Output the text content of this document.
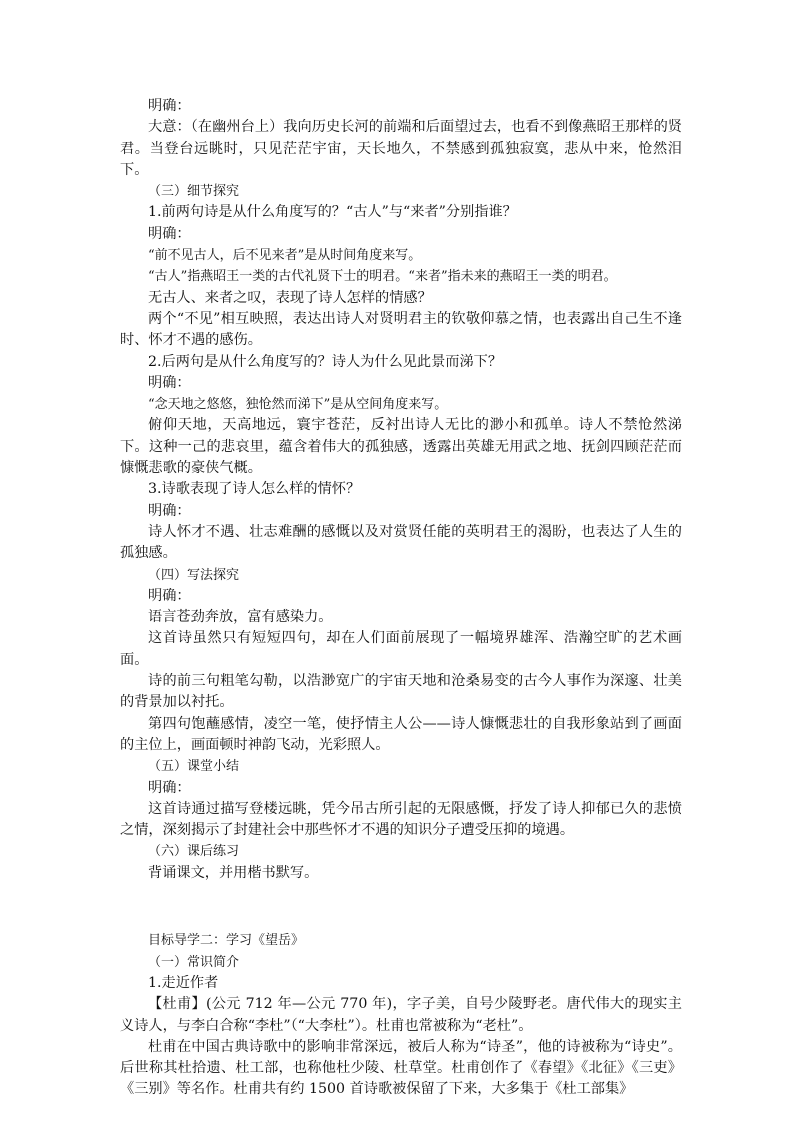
明确：

大意：（在幽州台上）我向历史长河的前端和后面望过去，也看不到像燕昭王那样的贤君。当登台远眺时，只见茫茫宇宙，天长地久，不禁感到孤独寂寞，悲从中来，怆然泪下。

（三）细节探究

1.前两句诗是从什么角度写的？“古人”与“来者”分别指谁？

明确：

“前不见古人，后不见来者”是从时间角度来写。

“古人”指燕昭王一类的古代礼贤下士的明君。“来者”指未来的燕昭王一类的明君。

无古人、来者之叹，表现了诗人怎样的情感？

两个“不见”相互映照，表达出诗人对贤明君主的钦敬仰慕之情，也表露出自己生不逢时、怀才不遇的感伤。

2.后两句是从什么角度写的？诗人为什么见此景而涕下？

明确：

“念天地之悠悠，独怆然而涕下”是从空间角度来写。

俯仰天地，天高地远，寰宇苍茫，反衬出诗人无比的渺小和孤单。诗人不禁怆然涕下。这种一己的悲哀里，蕴含着伟大的孤独感，透露出英雄无用武之地、抚剑四顾茫茫而慷慨悲歌的豪侠气概。

3.诗歌表现了诗人怎么样的情怀？

明确：

诗人怀才不遇、壮志难酬的感慨以及对赏贤任能的英明君王的渴盼，也表达了人生的孤独感。

（四）写法探究

明确：

语言苍劲奔放，富有感染力。

这首诗虽然只有短短四句，却在人们面前展现了一幅境界雄浑、浩瀚空旷的艺术画面。

诗的前三句粗笔勾勒，以浩渺宽广的宇宙天地和沧桑易变的古今人事作为深邃、壮美的背景加以衬托。

第四句饱蘸感情，凌空一笔，使抒情主人公——诗人慷慨悲壮的自我形象站到了画面的主位上，画面顿时神韵飞动，光彩照人。

（五）课堂小结

明确：

这首诗通过描写登楼远眺，凭今吊古所引起的无限感慨，抒发了诗人抑郁已久的悲愤之情，深刻揭示了封建社会中那些怀才不遇的知识分子遭受压抑的境遇。

（六）课后练习

背诵课文，并用楷书默写。

目标导学二：学习《望岳》

（一）常识简介

1.走近作者

【杜甫】(公元 712 年—公元 770 年)，字子美，自号少陵野老。唐代伟大的现实主义诗人，与李白合称“李杜”（“大李杜”）。杜甫也常被称为“老杜”。

杜甫在中国古典诗歌中的影响非常深远，被后人称为“诗圣”，他的诗被称为“诗史”。后世称其杜拾遗、杜工部，也称他杜少陵、杜草堂。杜甫创作了《春望》《北征》《三吏》《三别》等名作。杜甫共有约 1500 首诗歌被保留了下来，大多集于《杜工部集》
